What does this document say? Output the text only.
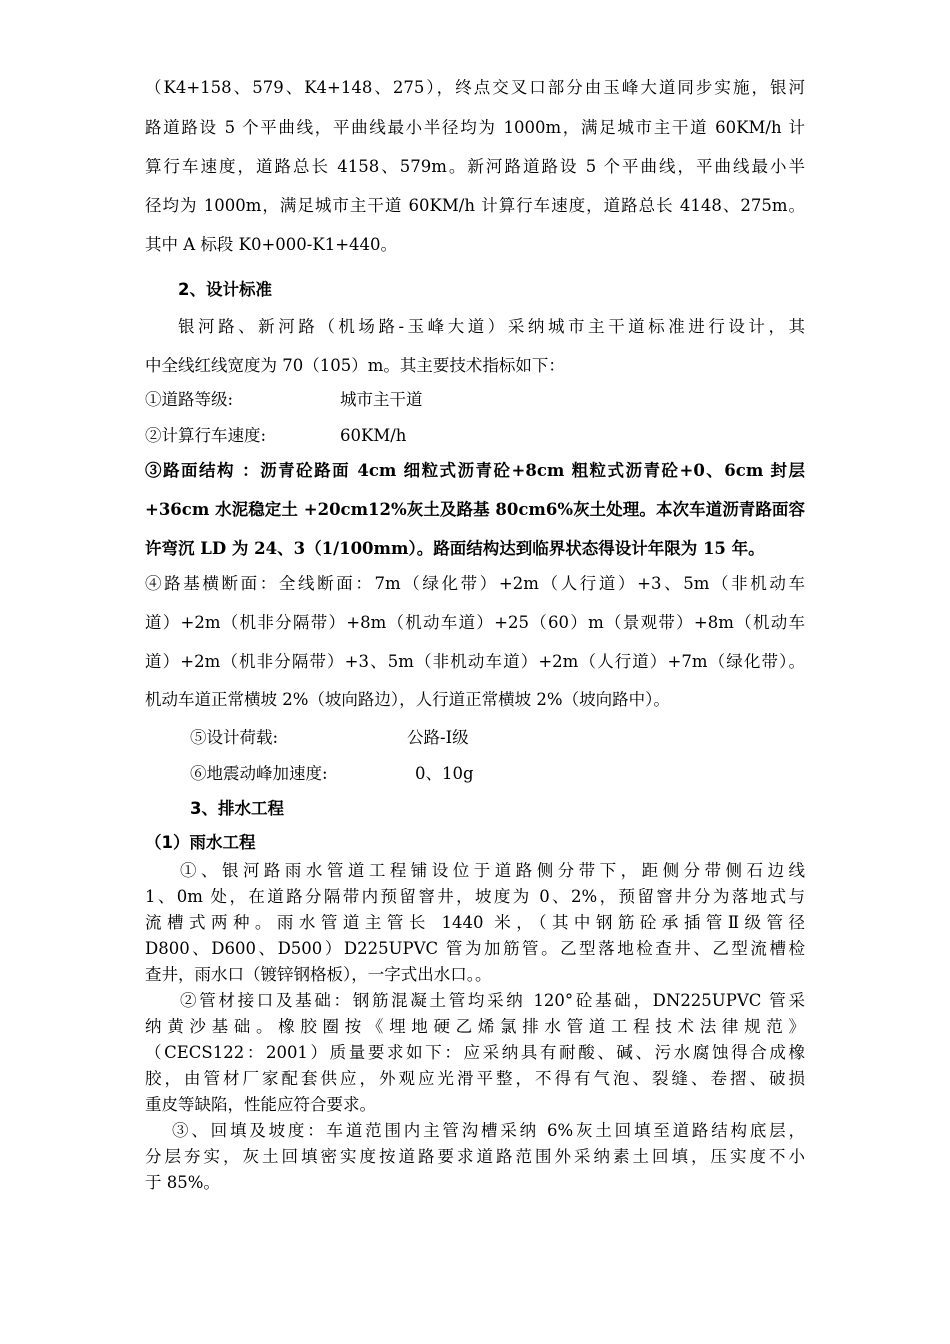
（K4+158、579、K4+148、275），终点交叉口部分由玉峰大道同步实施，银河
路道路设 5 个平曲线，平曲线最小半径均为 1000m，满足城市主干道 60KM/h 计
算行车速度，道路总长 4158、579m。新河路道路设 5 个平曲线，平曲线最小半
径均为 1000m，满足城市主干道 60KM/h 计算行车速度，道路总长 4148、275m。
其中 A 标段 K0+000-K1+440。
2、设计标准
银河路、新河路（机场路-玉峰大道）采纳城市主干道标准进行设计，其
中全线红线宽度为 70（105）m。其主要技术指标如下：
①道路等级:	城市主干道
②计算行车速度:	60KM/h
③路面结构 ：沥青砼路面 4cm 细粒式沥青砼+8cm 粗粒式沥青砼+0、6cm 封层
+36cm 水泥稳定土 +20cm12%灰土及路基 80cm6%灰土处理。本次车道沥青路面容
许弯沉 LD 为 24、3（1/100mm）。路面结构达到临界状态得设计年限为 15 年。
④路基横断面：全线断面：7m（绿化带）+2m（人行道）+3、5m（非机动车
道）+2m（机非分隔带）+8m（机动车道）+25（60）m（景观带）+8m（机动车
道）+2m（机非分隔带）+3、5m（非机动车道）+2m（人行道）+7m（绿化带）。
机动车道正常横坡 2%（坡向路边），人行道正常横坡 2%（坡向路中）。
⑤设计荷载:	公路-Ⅰ级
⑥地震动峰加速度:	0、10g
3、排水工程
（1）雨水工程
①、银河路雨水管道工程铺设位于道路侧分带下，距侧分带侧石边线
1、0m 处，在道路分隔带内预留窨井，坡度为 0、2%，预留窨井分为落地式与
流槽式两种。雨水管道主管长 1440 米，（其中钢筋砼承插管Ⅱ级管径
D800、D600、D500）D225UPVC 管为加筋管。乙型落地检查井、乙型流槽检
查井，雨水口（镀锌钢格板），一字式出水口。。
②管材接口及基础：钢筋混凝土管均采纳 120°砼基础，DN225UPVC 管采
纳黄沙基础。橡胶圈按《埋地硬乙烯氯排水管道工程技术法律规范》
（CECS122：2001）质量要求如下：应采纳具有耐酸、碱、污水腐蚀得合成橡
胶，由管材厂家配套供应，外观应光滑平整，不得有气泡、裂缝、卷摺、破损
重皮等缺陷，性能应符合要求。
③、回填及坡度：车道范围内主管沟槽采纳 6%灰土回填至道路结构底层，
分层夯实，灰土回填密实度按道路要求道路范围外采纳素土回填，压实度不小
于 85%。
